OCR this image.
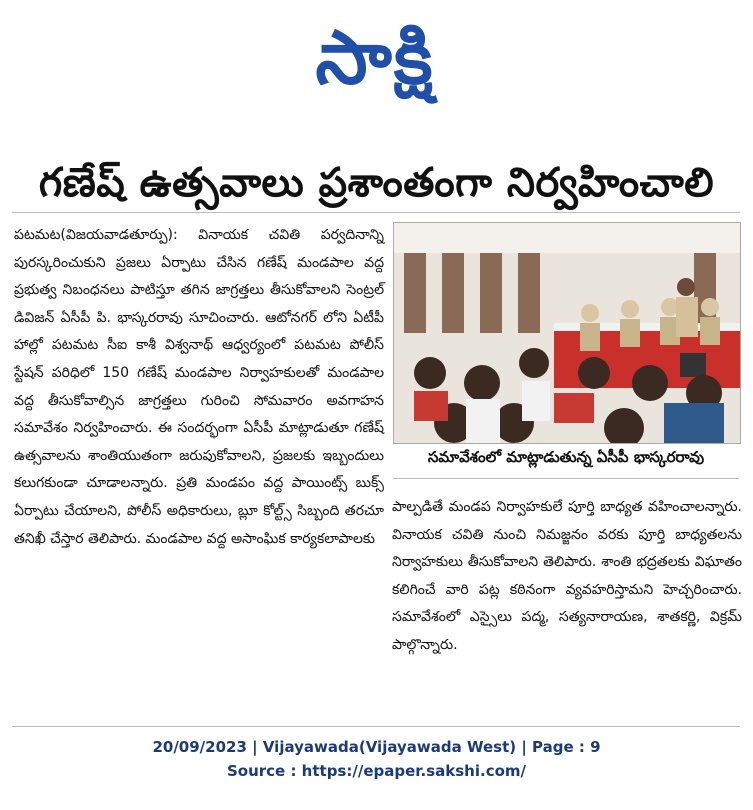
సాక్షి
గణేష్ ఉత్సవాలు ప్రశాంతంగా నిర్వహించాలి

పటమట(విజయవాడతూర్పు): వినాయక చవితి పర్వదినాన్ని పురస్కరించుకుని ప్రజలు ఏర్పాటు చేసిన గణేష్ మండపాల వద్ద ప్రభుత్వ నిబంధనలు పాటిస్తూ తగిన జాగ్రత్తలు తీసుకోవాలని సెంట్రల్ డివిజన్ ఏసీపీ పి. భాస్కరరావు సూచించారు. ఆటోనగర్ లోని ఏటీపీ హాల్లో పటమట సీఐ కాశీ విశ్వనాథ్ ఆధ్వర్యంలో పటమట పోలీస్ స్టేషన్ పరిధిలో 150 గణేష్ మండపాల నిర్వాహకులతో మండపాల వద్ద తీసుకోవాల్సిన జాగ్రత్తలు గురించి సోమవారం అవగాహన సమావేశం నిర్వహించారు. ఈ సందర్భంగా ఏసీపీ మాట్లాడుతూ గణేష్ ఉత్సవాలను శాంతియుతంగా జరుపుకోవాలని, ప్రజలకు ఇబ్బందులు కలుగకుండా చూడాలన్నారు. ప్రతి మండపం వద్ద పాయింట్స్ బుక్స్ ఏర్పాటు చేయాలని, పోలీస్ అధికారులు, బ్లూ కోల్ట్స్ సిబ్బంది తరచూ తనిఖీ చేస్తార తెలిపారు. మండపాల వద్ద అసాంఘిక కార్యకలాపాలకు

సమావేశంలో మాట్లాడుతున్న ఏసీపీ భాస్కరరావు

పాల్పడితే మండప నిర్వాహకులే పూర్తి బాధ్యత వహించాలన్నారు. వినాయక చవితి నుంచి నిమజ్జనం వరకు పూర్తి బాధ్యతలను నిర్వాహకులు తీసుకోవాలని తెలిపారు. శాంతి భద్రతలకు విఘాతం కలిగించే వారి పట్ల కఠినంగా వ్యవహరిస్తామని హెచ్చరించారు. సమావేశంలో ఎస్సైలు పద్మ, సత్యనారాయణ, శాతకర్ణి, విక్రమ్ పాల్గొన్నారు.

20/09/2023 | Vijayawada(Vijayawada West) | Page : 9
Source : https://epaper.sakshi.com/
